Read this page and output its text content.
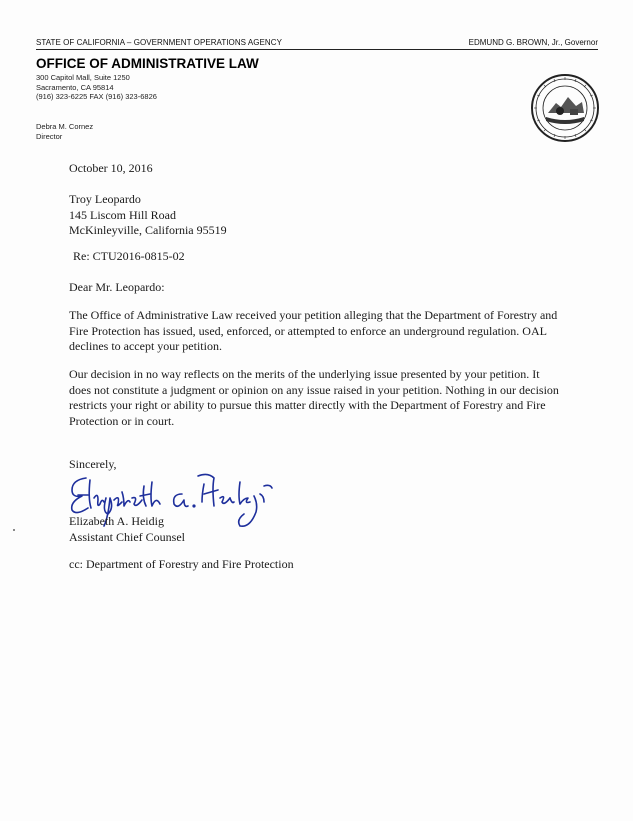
STATE OF CALIFORNIA – GOVERNMENT OPERATIONS AGENCY	EDMUND G. BROWN, Jr., Governor
OFFICE OF ADMINISTRATIVE LAW
300 Capitol Mall, Suite 1250
Sacramento, CA 95814
(916) 323-6225 FAX (916) 323-6826
Debra M. Cornez
Director
October 10, 2016
Troy Leopardo
145 Liscom Hill Road
McKinleyville, California 95519
Re: CTU2016-0815-02
Dear Mr. Leopardo:
The Office of Administrative Law received your petition alleging that the Department of Forestry and
Fire Protection has issued, used, enforced, or attempted to enforce an underground regulation. OAL
declines to accept your petition.
Our decision in no way reflects on the merits of the underlying issue presented by your petition. It
does not constitute a judgment or opinion on any issue raised in your petition. Nothing in our decision
restricts your right or ability to pursue this matter directly with the Department of Forestry and Fire
Protection or in court.
Sincerely,
Elizabeth A. Heidig
Assistant Chief Counsel
cc: Department of Forestry and Fire Protection
